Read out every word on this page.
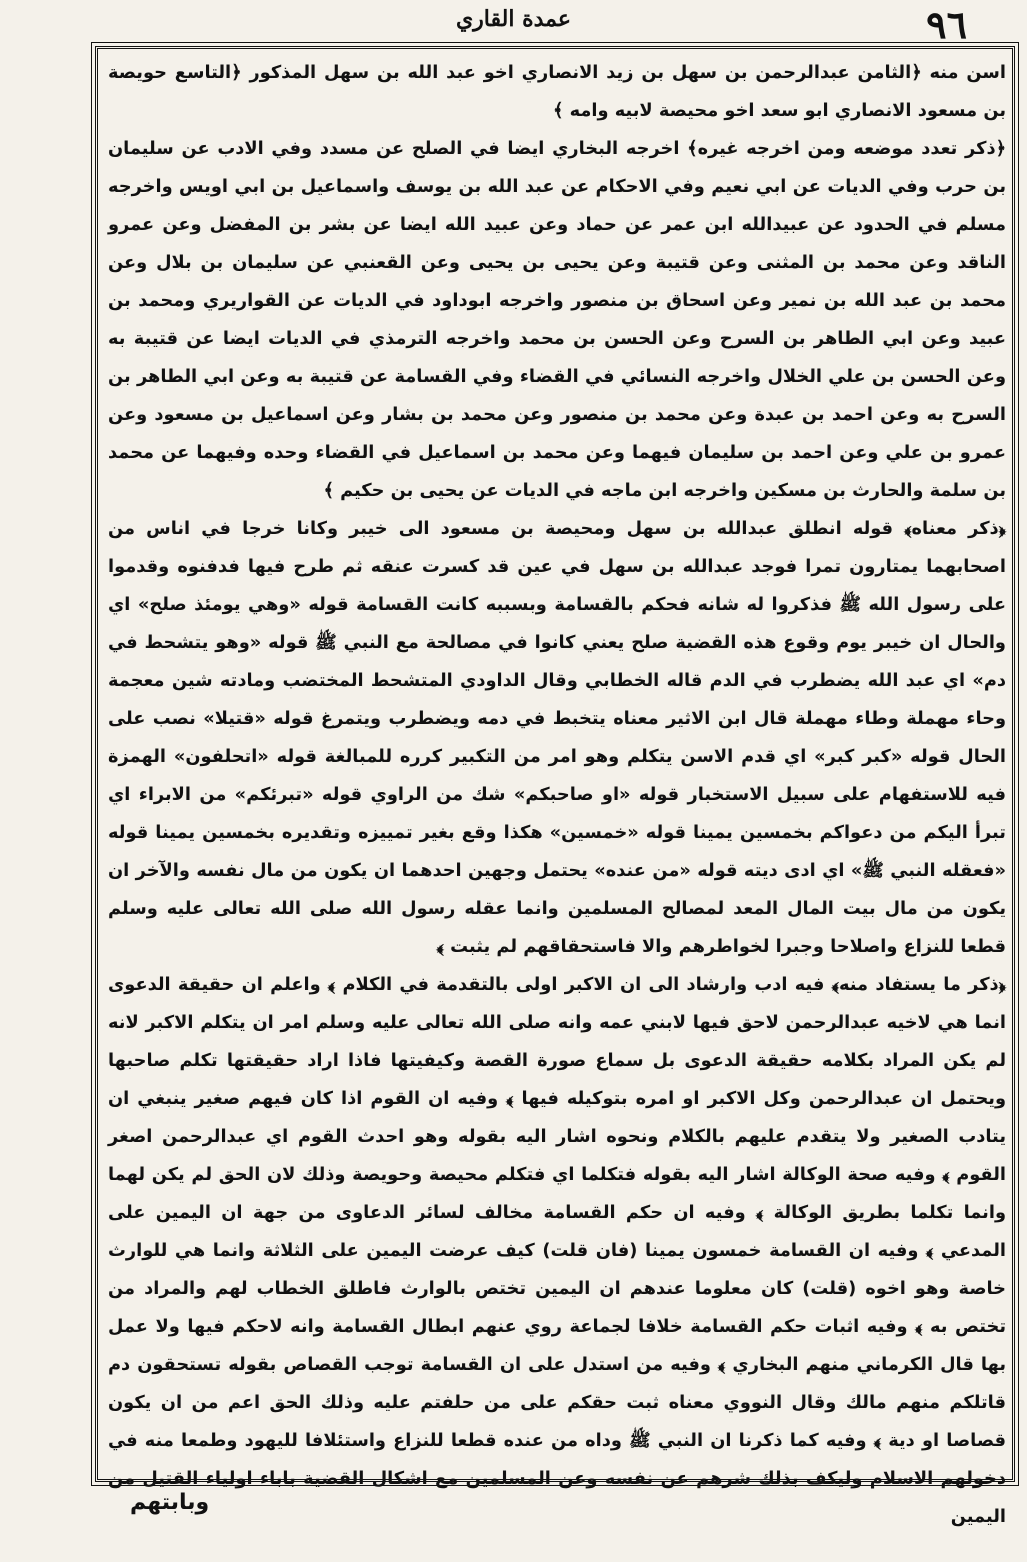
٩٦
عمدة القاري

اسن منه ﴿الثامن عبدالرحمن بن سهل بن زيد الانصاري اخو عبد الله بن سهل المذكور ﴿التاسع حويصة بن مسعود الانصاري ابو سعد اخو محيصة لابيه وامه ﴾

﴿ذكر تعدد موضعه ومن اخرجه غيره﴾ اخرجه البخاري ايضا في الصلح عن مسدد وفي الادب عن سليمان بن حرب وفي الديات عن ابي نعيم وفي الاحكام عن عبد الله بن يوسف واسماعيل بن ابي اويس واخرجه مسلم في الحدود عن عبيدالله ابن عمر عن حماد وعن عبيد الله ايضا عن بشر بن المفضل وعن عمرو الناقد وعن محمد بن المثنى وعن قتيبة وعن يحيى بن يحيى وعن القعنبي عن سليمان بن بلال وعن محمد بن عبد الله بن نمير وعن اسحاق بن منصور واخرجه ابوداود في الديات عن القواريري ومحمد بن عبيد وعن ابي الطاهر بن السرح وعن الحسن بن محمد واخرجه الترمذي في الديات ايضا عن قتيبة به وعن الحسن بن علي الخلال واخرجه النسائي في القضاء وفي القسامة عن قتيبة به وعن ابي الطاهر بن السرح به وعن احمد بن عبدة وعن محمد بن منصور وعن محمد بن بشار وعن اسماعيل بن مسعود وعن عمرو بن علي وعن احمد بن سليمان فيهما وعن محمد بن اسماعيل في القضاء وحده وفيهما عن محمد بن سلمة والحارث بن مسكين واخرجه ابن ماجه في الديات عن يحيى بن حكيم ﴾

﴿ذكر معناه﴾ قوله انطلق عبدالله بن سهل ومحيصة بن مسعود الى خيبر وكانا خرجا في اناس من اصحابهما يمتارون تمرا فوجد عبدالله بن سهل في عين قد كسرت عنقه ثم طرح فيها فدفنوه وقدموا على رسول الله ﷺ فذكروا له شانه فحكم بالقسامة وبسببه كانت القسامة قوله «وهي يومئذ صلح» اي والحال ان خيبر يوم وقوع هذه القضية صلح يعني كانوا في مصالحة مع النبي ﷺ قوله «وهو يتشحط في دم» اي عبد الله يضطرب في الدم قاله الخطابي وقال الداودي المتشحط المختضب ومادته شين معجمة وحاء مهملة وطاء مهملة قال ابن الاثير معناه يتخبط في دمه ويضطرب ويتمرغ قوله «قتيلا» نصب على الحال قوله «كبر كبر» اي قدم الاسن يتكلم وهو امر من التكبير كرره للمبالغة قوله «اتحلفون» الهمزة فيه للاستفهام على سبيل الاستخبار قوله «او صاحبكم» شك من الراوي قوله «تبرئكم» من الابراء اي تبرأ اليكم من دعواكم بخمسين يمينا قوله «خمسين» هكذا وقع بغير تمييزه وتقديره بخمسين يمينا قوله «فعقله النبي ﷺ» اي ادى ديته قوله «من عنده» يحتمل وجهين احدهما ان يكون من مال نفسه والآخر ان يكون من مال بيت المال المعد لمصالح المسلمين وانما عقله رسول الله صلى الله تعالى عليه وسلم قطعا للنزاع واصلاحا وجبرا لخواطرهم والا فاستحقاقهم لم يثبت ﴾

﴿ذكر ما يستفاد منه﴾ فيه ادب وارشاد الى ان الاكبر اولى بالتقدمة في الكلام ﴾ واعلم ان حقيقة الدعوى انما هي لاخيه عبدالرحمن لاحق فيها لابني عمه وانه صلى الله تعالى عليه وسلم امر ان يتكلم الاكبر لانه لم يكن المراد بكلامه حقيقة الدعوى بل سماع صورة القصة وكيفيتها فاذا اراد حقيقتها تكلم صاحبها ويحتمل ان عبدالرحمن وكل الاكبر او امره بتوكيله فيها ﴾ وفيه ان القوم اذا كان فيهم صغير ينبغي ان يتادب الصغير ولا يتقدم عليهم بالكلام ونحوه اشار اليه بقوله وهو احدث القوم اي عبدالرحمن اصغر القوم ﴾ وفيه صحة الوكالة اشار اليه بقوله فتكلما اي فتكلم محيصة وحويصة وذلك لان الحق لم يكن لهما وانما تكلما بطريق الوكالة ﴾ وفيه ان حكم القسامة مخالف لسائر الدعاوى من جهة ان اليمين على المدعي ﴾ وفيه ان القسامة خمسون يمينا (فان قلت) كيف عرضت اليمين على الثلاثة وانما هي للوارث خاصة وهو اخوه (قلت) كان معلوما عندهم ان اليمين تختص بالوارث فاطلق الخطاب لهم والمراد من تختص به ﴾ وفيه اثبات حكم القسامة خلافا لجماعة روي عنهم ابطال القسامة وانه لاحكم فيها ولا عمل بها قال الكرماني منهم البخاري ﴾ وفيه من استدل على ان القسامة توجب القصاص بقوله تستحقون دم قاتلكم منهم مالك وقال النووي معناه ثبت حقكم على من حلفتم عليه وذلك الحق اعم من ان يكون قصاصا او دية ﴾ وفيه كما ذكرنا ان النبي ﷺ وداه من عنده قطعا للنزاع واستئلافا لليهود وطمعا منه في دخولهم الاسلام وليكف بذلك شرهم عن نفسه وعن المسلمين مع اشكال القضية باباء اولياء القتيل من اليمين

وبابتهم
